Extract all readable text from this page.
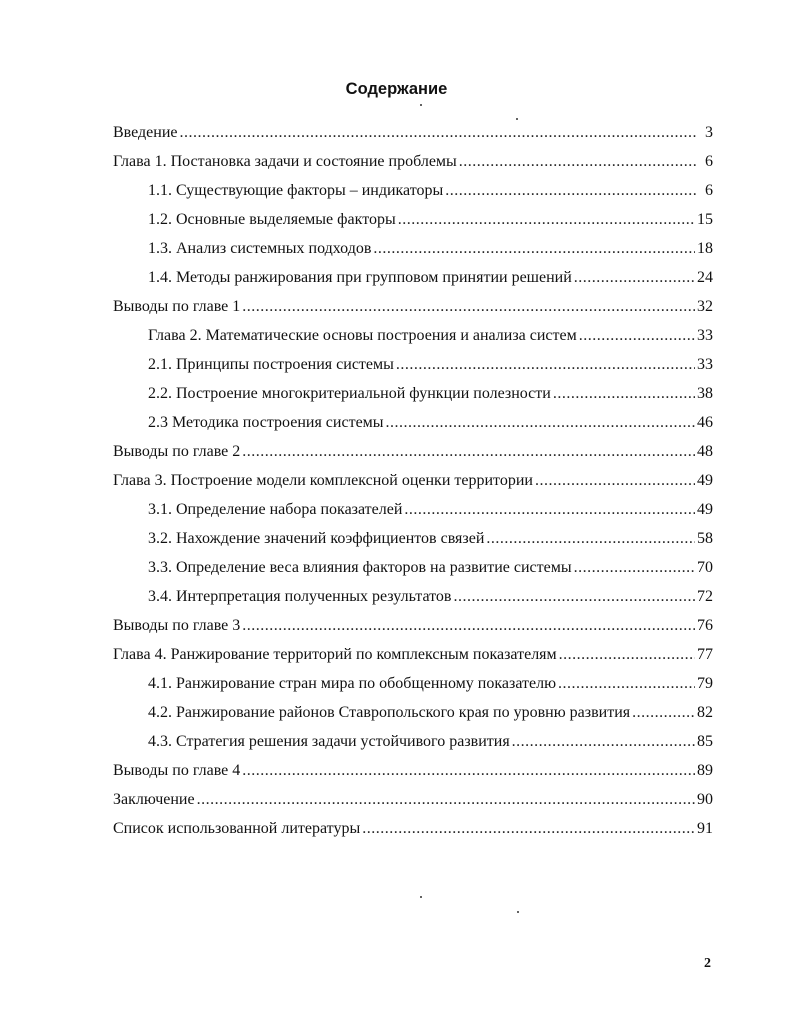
Содержание
Введение .....	3
Глава 1. Постановка задачи и состояние проблемы .....	6
1.1. Существующие факторы – индикаторы .....	6
1.2. Основные выделяемые факторы .....	15
1.3. Анализ системных подходов .....	18
1.4. Методы ранжирования при групповом принятии решений .....	24
Выводы по главе 1 .....	32
Глава 2. Математические основы построения и анализа систем .....	33
2.1. Принципы построения системы .....	33
2.2. Построение многокритериальной функции полезности .....	38
2.3 Методика построения системы .....	46
Выводы по главе 2 .....	48
Глава 3. Построение модели комплексной оценки территории .....	49
3.1. Определение набора показателей .....	49
3.2. Нахождение значений коэффициентов связей .....	58
3.3. Определение веса влияния факторов на развитие системы .....	70
3.4. Интерпретация полученных результатов .....	72
Выводы по главе 3 .....	76
Глава 4. Ранжирование территорий по комплексным показателям .....	77
4.1. Ранжирование стран мира по обобщенному показателю .....	79
4.2. Ранжирование районов Ставропольского края по уровню развития .....	82
4.3. Стратегия решения задачи устойчивого развития .....	85
Выводы по главе 4 .....	89
Заключение .....	90
Список использованной литературы .....	91
2
